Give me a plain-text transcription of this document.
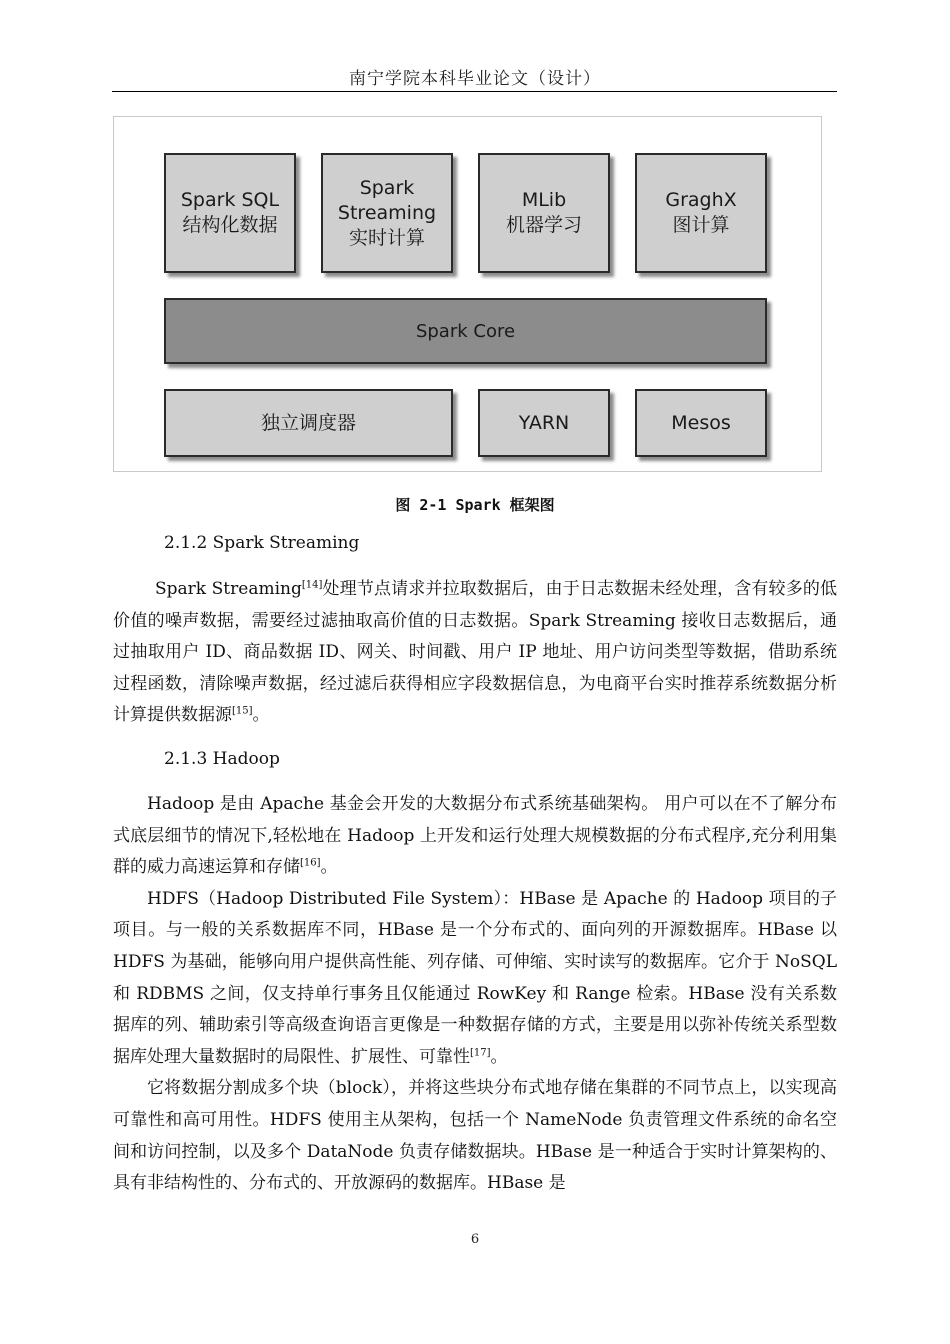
南宁学院本科毕业论文（设计）
Spark SQL
结构化数据
Spark
Streaming
实时计算
MLib
机器学习
GraghX
图计算
Spark Core
独立调度器	YARN	Mesos
图 2-1 Spark 框架图
2.1.2 Spark Streaming

Spark Streaming[14]处理节点请求并拉取数据后，由于日志数据未经处理，含有较多的低价值的噪声数据，需要经过滤抽取高价值的日志数据。Spark Streaming 接收日志数据后，通过抽取用户 ID、商品数据 ID、网关、时间戳、用户 IP 地址、用户访问类型等数据，借助系统过程函数，清除噪声数据，经过滤后获得相应字段数据信息，为电商平台实时推荐系统数据分析计算提供数据源[15]。

2.1.3 Hadoop

Hadoop 是由 Apache 基金会开发的大数据分布式系统基础架构。 用户可以在不了解分布式底层细节的情况下,轻松地在 Hadoop 上开发和运行处理大规模数据的分布式程序,充分利用集群的威力高速运算和存储[16]。

HDFS（Hadoop Distributed File System）：HBase 是 Apache 的 Hadoop 项目的子项目。与一般的关系数据库不同，HBase 是一个分布式的、面向列的开源数据库。HBase 以 HDFS 为基础，能够向用户提供高性能、列存储、可伸缩、实时读写的数据库。它介于 NoSQL 和 RDBMS 之间，仅支持单行事务且仅能通过 RowKey 和 Range 检索。HBase 没有关系数据库的列、辅助索引等高级查询语言更像是一种数据存储的方式，主要是用以弥补传统关系型数据库处理大量数据时的局限性、扩展性、可靠性[17]。

它将数据分割成多个块（block），并将这些块分布式地存储在集群的不同节点上，以实现高可靠性和高可用性。HDFS 使用主从架构，包括一个 NameNode 负责管理文件系统的命名空间和访问控制，以及多个 DataNode 负责存储数据块。HBase 是一种适合于实时计算架构的、具有非结构性的、分布式的、开放源码的数据库。HBase 是

6
